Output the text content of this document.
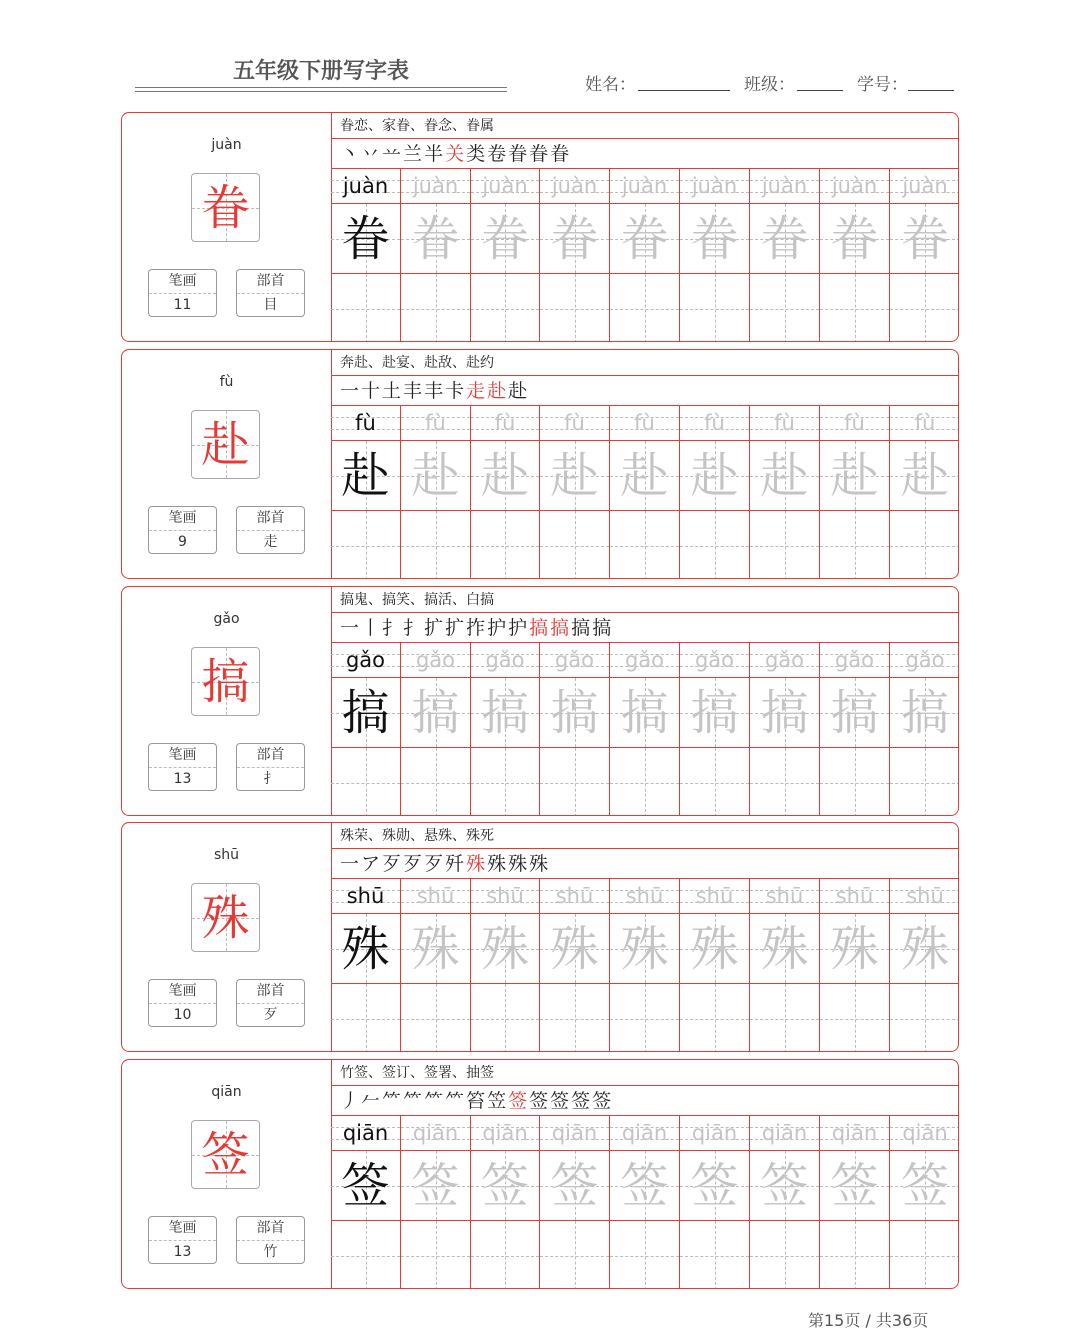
五年级下册写字表
姓名：	班级：	学号：
juàn
眷
笔画
11
部首
目
眷恋、家眷、眷念、眷属
丶丷䒑兰半关类卷眷眷眷
juàn
眷
juàn
眷
juàn
眷
juàn
眷
juàn
眷
juàn
眷
juàn
眷
juàn
眷
juàn
眷
fù
赴
笔画
9
部首
走
奔赴、赴宴、赴敌、赴约
一十土丰丰卡走赴赴
fù
赴
fù
赴
fù
赴
fù
赴
fù
赴
fù
赴
fù
赴
fù
赴
fù
赴
gǎo
搞
笔画
13
部首
扌
搞鬼、搞笑、搞活、白搞
一丨扌扌扩扩拃护护搞搞搞搞
gǎo
搞
gǎo
搞
gǎo
搞
gǎo
搞
gǎo
搞
gǎo
搞
gǎo
搞
gǎo
搞
gǎo
搞
shū
殊
笔画
10
部首
歹
殊荣、殊勋、悬殊、殊死
一ア歹歹歹歼殊殊殊殊
shū
殊
shū
殊
shū
殊
shū
殊
shū
殊
shū
殊
shū
殊
shū
殊
shū
殊
qiān
签
笔画
13
部首
竹
竹签、签订、签署、抽签
丿𠂉⺮⺮⺮⺮笞笠签签签签签
qiān
签
qiān
签
qiān
签
qiān
签
qiān
签
qiān
签
qiān
签
qiān
签
qiān
签
第15页 / 共36页
